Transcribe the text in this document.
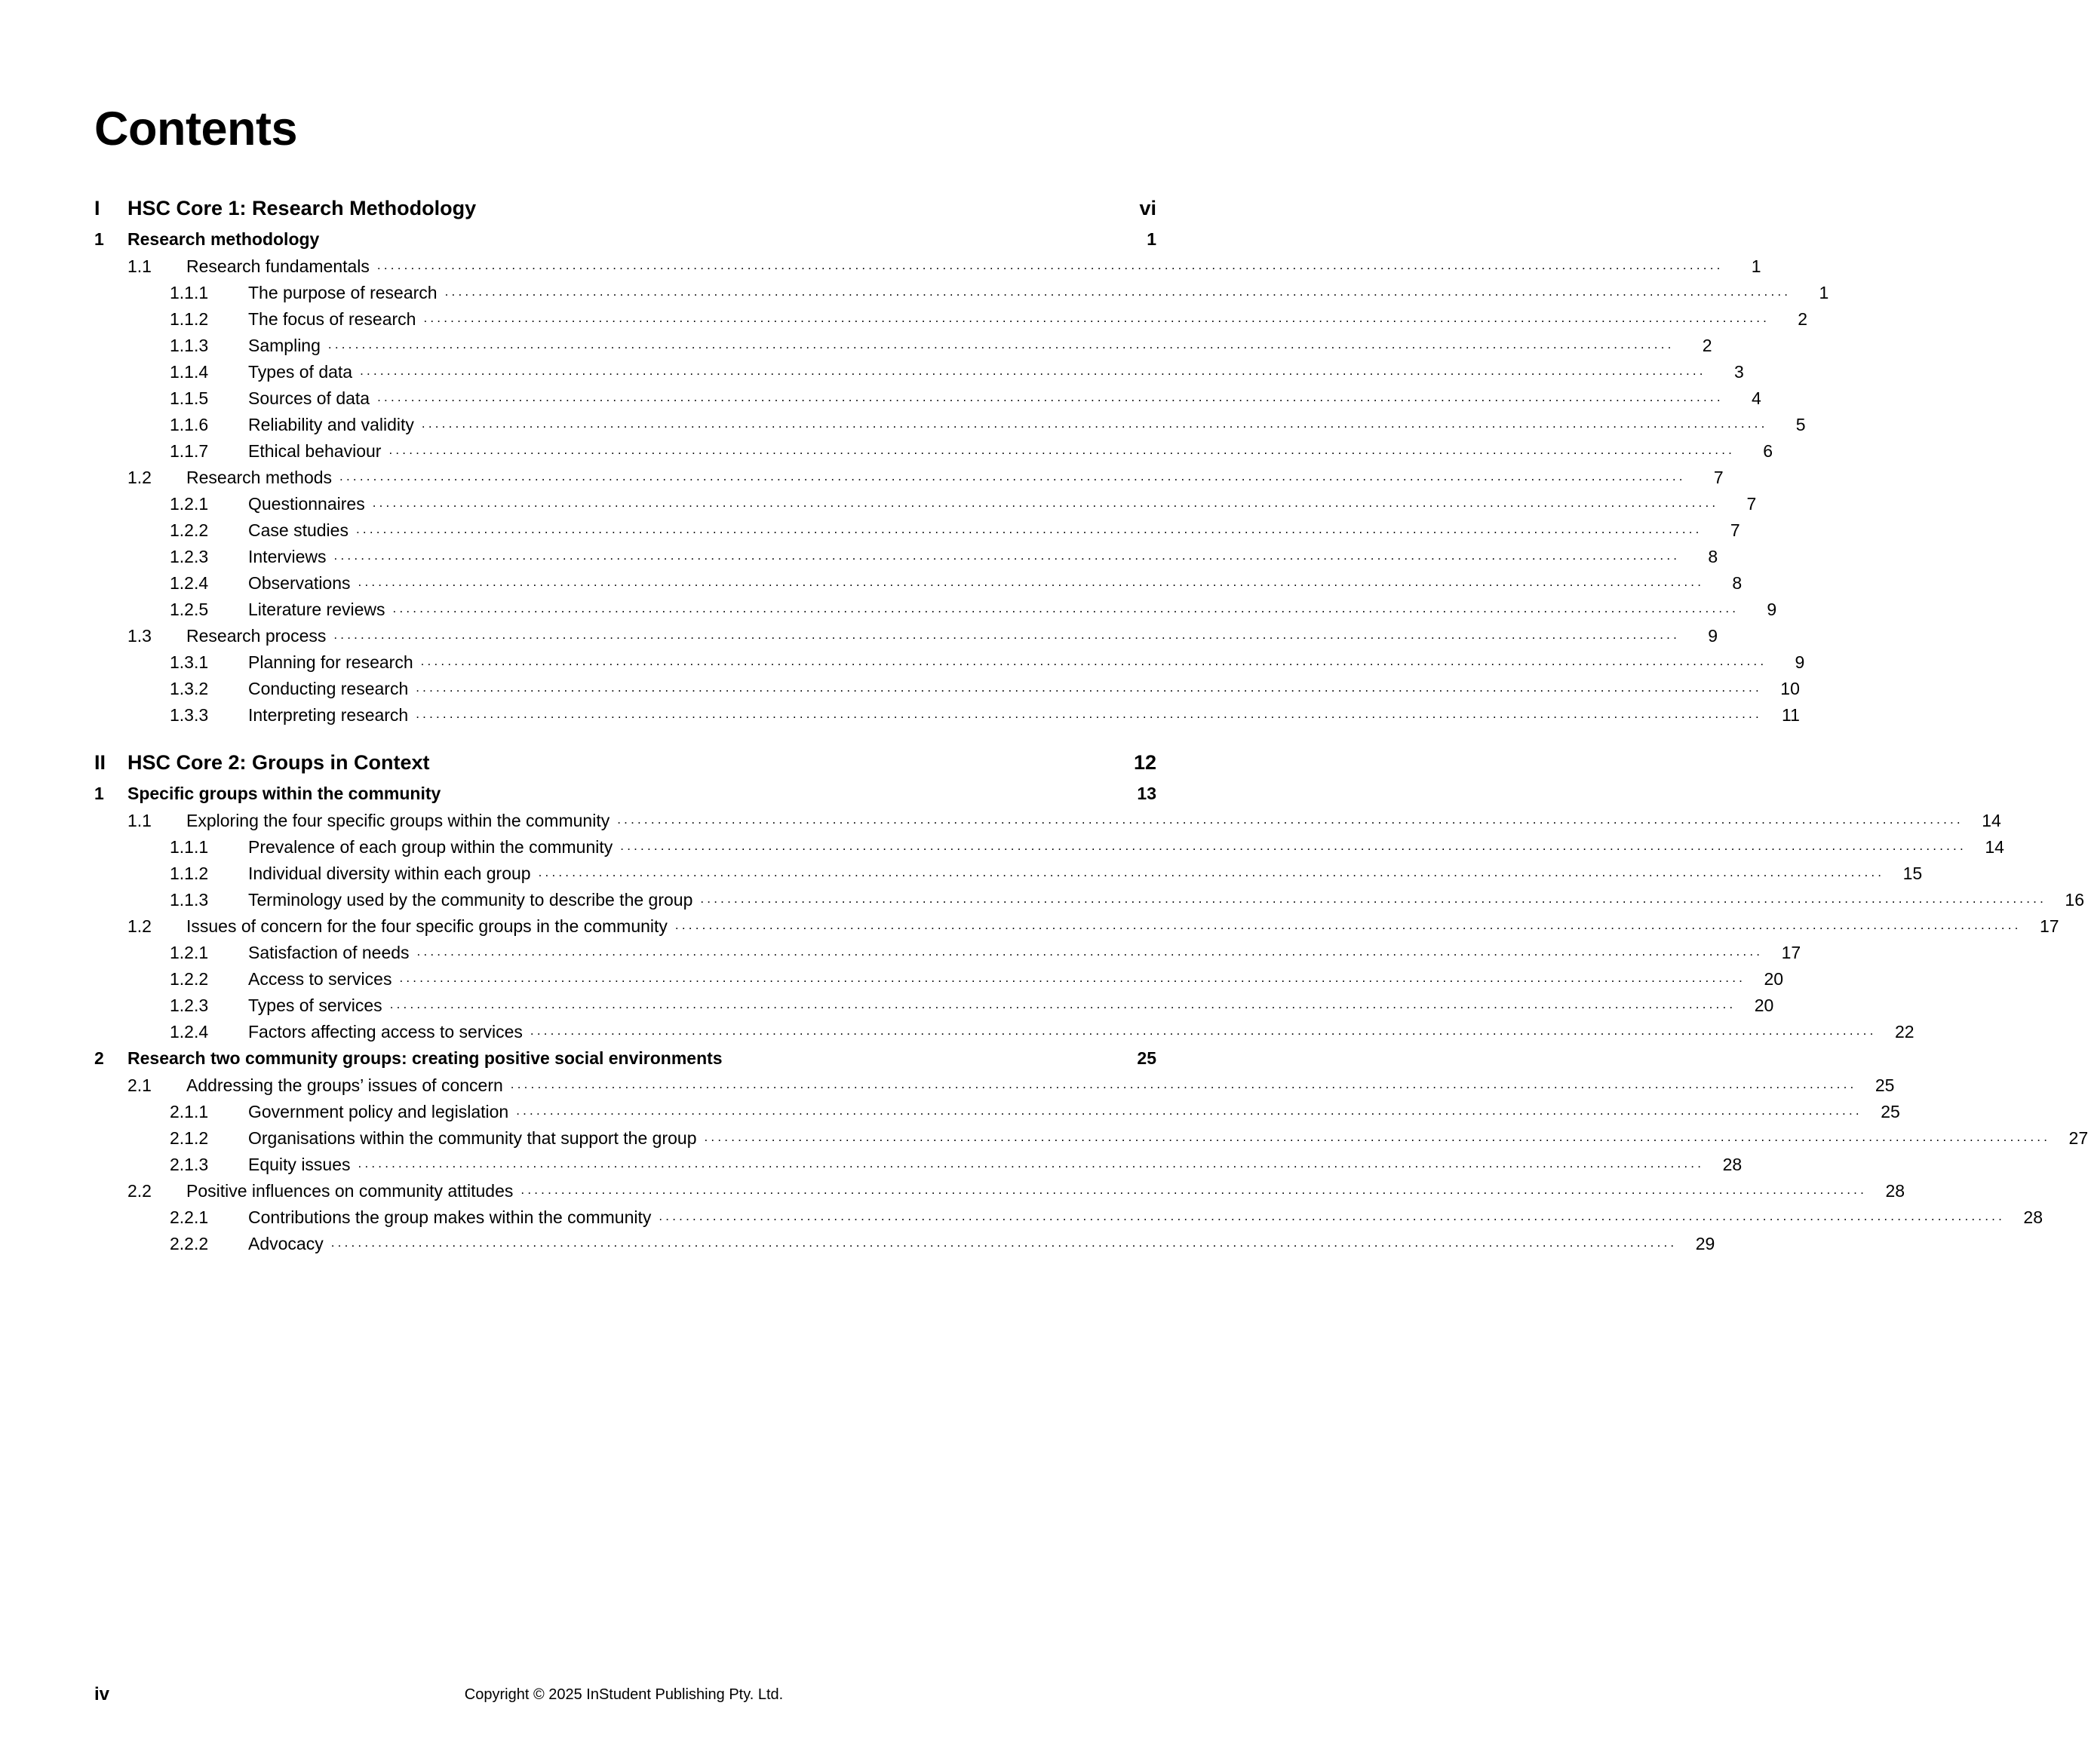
Contents
I	HSC Core 1: Research Methodology	vi
1	Research methodology	1
1.1	Research fundamentals ........................................................................................................................................................................................................	1
1.1.1	The purpose of research ........................................................................................................................................................................................................	1
1.1.2	The focus of research ........................................................................................................................................................................................................	2
1.1.3	Sampling ........................................................................................................................................................................................................	2
1.1.4	Types of data ........................................................................................................................................................................................................	3
1.1.5	Sources of data ........................................................................................................................................................................................................	4
1.1.6	Reliability and validity ........................................................................................................................................................................................................	5
1.1.7	Ethical behaviour ........................................................................................................................................................................................................	6
1.2	Research methods ........................................................................................................................................................................................................	7
1.2.1	Questionnaires ........................................................................................................................................................................................................	7
1.2.2	Case studies ........................................................................................................................................................................................................	7
1.2.3	Interviews ........................................................................................................................................................................................................	8
1.2.4	Observations ........................................................................................................................................................................................................	8
1.2.5	Literature reviews ........................................................................................................................................................................................................	9
1.3	Research process ........................................................................................................................................................................................................	9
1.3.1	Planning for research ........................................................................................................................................................................................................	9
1.3.2	Conducting research ........................................................................................................................................................................................................	10
1.3.3	Interpreting research ........................................................................................................................................................................................................	11
II	HSC Core 2: Groups in Context	12
1	Specific groups within the community	13
1.1	Exploring the four specific groups within the community ........................................................................................................................................................................................................	14
1.1.1	Prevalence of each group within the community ........................................................................................................................................................................................................	14
1.1.2	Individual diversity within each group ........................................................................................................................................................................................................	15
1.1.3	Terminology used by the community to describe the group ........................................................................................................................................................................................................	16
1.2	Issues of concern for the four specific groups in the community ........................................................................................................................................................................................................	17
1.2.1	Satisfaction of needs ........................................................................................................................................................................................................	17
1.2.2	Access to services ........................................................................................................................................................................................................	20
1.2.3	Types of services ........................................................................................................................................................................................................	20
1.2.4	Factors affecting access to services ........................................................................................................................................................................................................	22
2	Research two community groups: creating positive social environments	25
2.1	Addressing the groups’ issues of concern ........................................................................................................................................................................................................	25
2.1.1	Government policy and legislation ........................................................................................................................................................................................................	25
2.1.2	Organisations within the community that support the group ........................................................................................................................................................................................................	27
2.1.3	Equity issues ........................................................................................................................................................................................................	28
2.2	Positive influences on community attitudes ........................................................................................................................................................................................................	28
2.2.1	Contributions the group makes within the community ........................................................................................................................................................................................................	28
2.2.2	Advocacy ........................................................................................................................................................................................................	29
iv	Copyright © 2025 InStudent Publishing Pty. Ltd.
